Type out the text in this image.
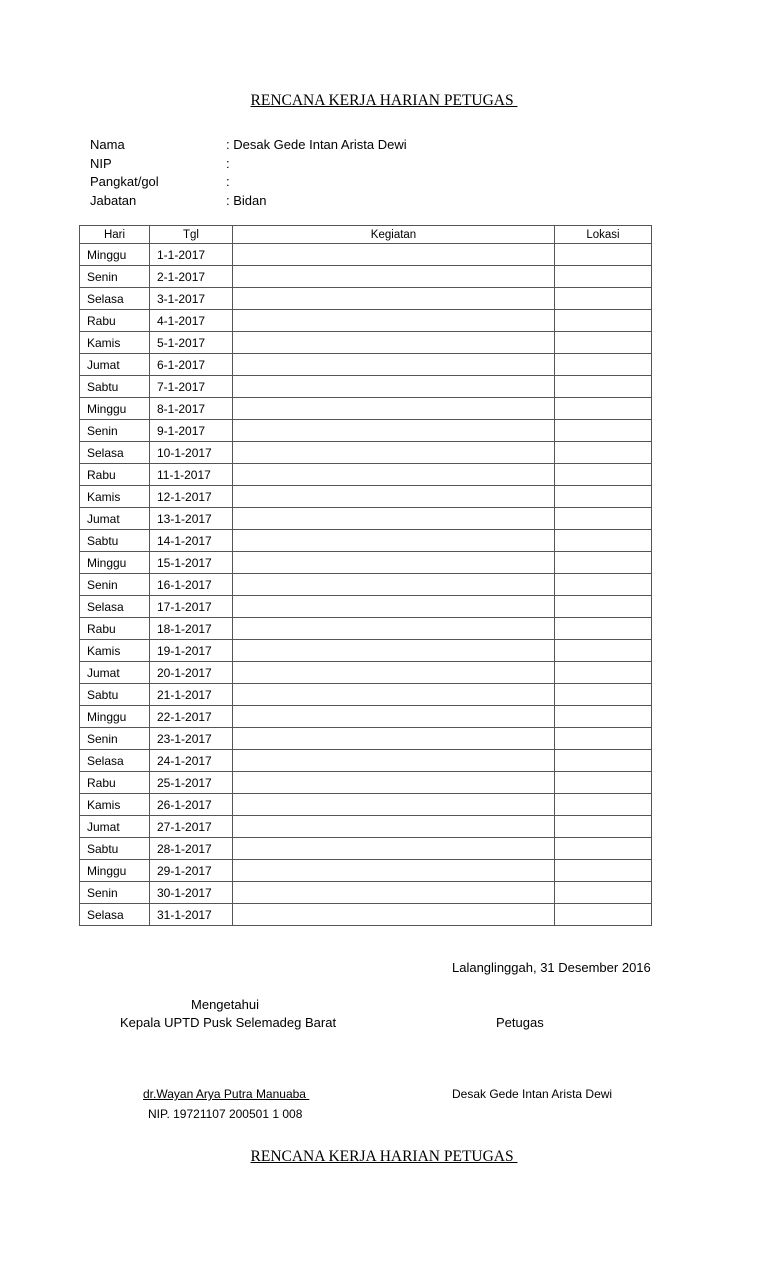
RENCANA KERJA HARIAN PETUGAS

Nama

	: Desak Gede Intan Arista Dewi

NIP

	:

Pangkat/gol

	:

Jabatan

	: Bidan

Hari	Tgl	Kegiatan	Lokasi
Minggu	1-1-2017		
Senin	2-1-2017		
Selasa	3-1-2017		
Rabu	4-1-2017		
Kamis	5-1-2017		
Jumat	6-1-2017		
Sabtu	7-1-2017		
Minggu	8-1-2017		
Senin	9-1-2017		
Selasa	10-1-2017		
Rabu	11-1-2017		
Kamis	12-1-2017		
Jumat	13-1-2017		
Sabtu	14-1-2017		
Minggu	15-1-2017		
Senin	16-1-2017		
Selasa	17-1-2017		
Rabu	18-1-2017		
Kamis	19-1-2017		
Jumat	20-1-2017		
Sabtu	21-1-2017		
Minggu	22-1-2017		
Senin	23-1-2017		
Selasa	24-1-2017		
Rabu	25-1-2017		
Kamis	26-1-2017		
Jumat	27-1-2017		
Sabtu	28-1-2017		
Minggu	29-1-2017		
Senin	30-1-2017		
Selasa	31-1-2017		
Lalanglinggah, 31 Desember 2016
Mengetahui
Kepala UPTD Pusk Selemadeg Barat	Petugas
dr.Wayan Arya Putra Manuaba
NIP. 19721107 200501 1 008
Desak Gede Intan Arista Dewi
RENCANA KERJA HARIAN PETUGAS
